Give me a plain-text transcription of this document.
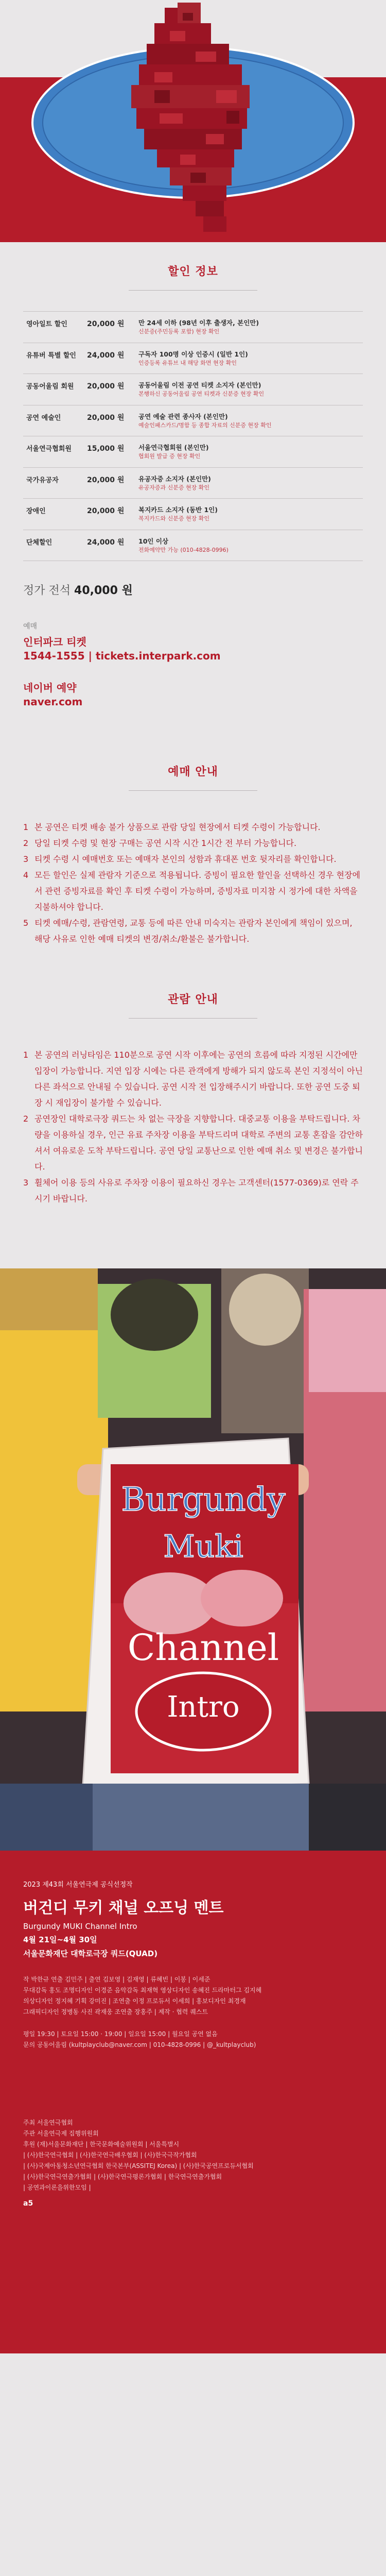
할인 정보
영아일트 할인	20,000 원	만 24세 이하 (98년 이후 출생자, 본인만)
신분증(주민등록 포함) 현장 확인

유튜버 특별 할인	24,000 원	구독자 100명 이상 인증시 (일반 1인)
인증등록 유튜브 내 해당 화면 현장 확인

공동어울림 회원	20,000 원	공동어울림 이전 공연 티켓 소지자 (본인만)
본행하신 공동어울림 공연 티켓과 신분증 현장 확인

공연 예술인	20,000 원	공연 예술 관련 종사자 (본인만)
예술인패스카드/명함 등 종합 자료의 신분증 현장 확인

서울연극협회원	15,000 원	서울연극협회원 (본인만)
협회원 발급 증 현장 확인

국가유공자	20,000 원	유공자증 소지자 (본인만)
유공자증과 신분증 현장 확인

장애인	20,000 원	복지카드 소지자 (동반 1인)
복지카드와 신분증 현장 확인

단체할인	24,000 원	10인 이상
전화예약만 가능 (010-4828-0996)
정가 전석 40,000 원
예매
인터파크 티켓
1544-1555 | tickets.interpark.com
네이버 예약
naver.com
예매 안내
1 본 공연은 티켓 배송 불가 상품으로 관람 당일 현장에서 티켓 수령이 가능합니다.
2 당일 티켓 수령 및 현장 구매는 공연 시작 시간 1시간 전 부터 가능합니다.
3 티켓 수령 시 예매번호 또는 예매자 본인의 성함과 휴대폰 번호 뒷자리를 확인합니다.
4 모든 할인은 실제 관람자 기준으로 적용됩니다. 증빙이 필요한 할인을 선택하신 경우 현장에서 관련 증빙자료를 확인 후 티켓 수령이 가능하며, 증빙자료 미지참 시 정가에 대한 차액을 지불하셔야 합니다.
5 티켓 예매/수령, 관람연령, 교통 등에 따른 안내 미숙지는 관람자 본인에게 책임이 있으며, 해당 사유로 인한 예매 티켓의 변경/취소/환불은 불가합니다.
관람 안내
1 본 공연의 러닝타임은 110분으로 공연 시작 이후에는 공연의 흐름에 따라 지정된 시간에만 입장이 가능합니다. 지연 입장 시에는 다른 관객에게 방해가 되지 않도록 본인 지정석이 아닌 다른 좌석으로 안내될 수 있습니다. 공연 시작 전 입장해주시기 바랍니다. 또한 공연 도중 퇴장 시 재입장이 불가할 수 있습니다.
2 공연장인 대학로극장 쿼드는 차 없는 극장을 지향합니다. 대중교통 이용을 부탁드립니다. 차량을 이용하실 경우, 인근 유료 주차장 이용을 부탁드리며 대학로 주변의 교통 혼잡을 감안하셔서 여유로운 도착 부탁드립니다. 공연 당일 교통난으로 인한 예매 취소 및 변경은 불가합니다.
3 휠체어 이용 등의 사유로 주차장 이용이 필요하신 경우는 고객센터(1577-0369)로 연락 주시기 바랍니다.
Burgundy
Muki
Channel
Intro
2023 제43회 서울연극제 공식선정작
버건디 무키 채널 오프닝 멘트
Burgundy MUKI Channel Intro
4월 21일~4월 30일
서울문화재단 대학로극장 쿼드(QUAD)
작 박한규 연출 김민주 | 출연 김보영 | 김재영 | 류혜빈 | 이봉 | 이세준
무대감독 홍도 조명디자인 이경준 음악감독 최재혁 영상디자인 송혜진 드라마터그 김지혜
의상디자인 정지혜 기획 강미진 | 조연출 이정 프로듀서 이세희 | 홍보디자인 최경재
그래픽디자인 정병동 사진 곽재웅 조연출 장홍주 | 제작 · 협력 퀘스트
평일 19:30 | 토요일 15:00 · 19:00 | 일요일 15:00 | 월요일 공연 없음
문의 공동어울림 (kultplayclub@naver.com | 010-4828-0996 | @_kultplayclub)
주최 서울연극협회
주관 서울연극제 집행위원회
후원 (재)서울문화재단 | 한국문화예술위원회 | 서울특별시
| (사)한국연극협회 | (사)한국연극배우협회 | (사)한국극작가협회
| (사)국제아동청소년연극협회 한국본부(ASSITEJ Korea) | (사)한국공연프로듀서협회
| (사)한국연극연출가협회 | (사)한국연극평론가협회 | 한국연극연출가협회
| 공연과이론을위한모임 |
a5
